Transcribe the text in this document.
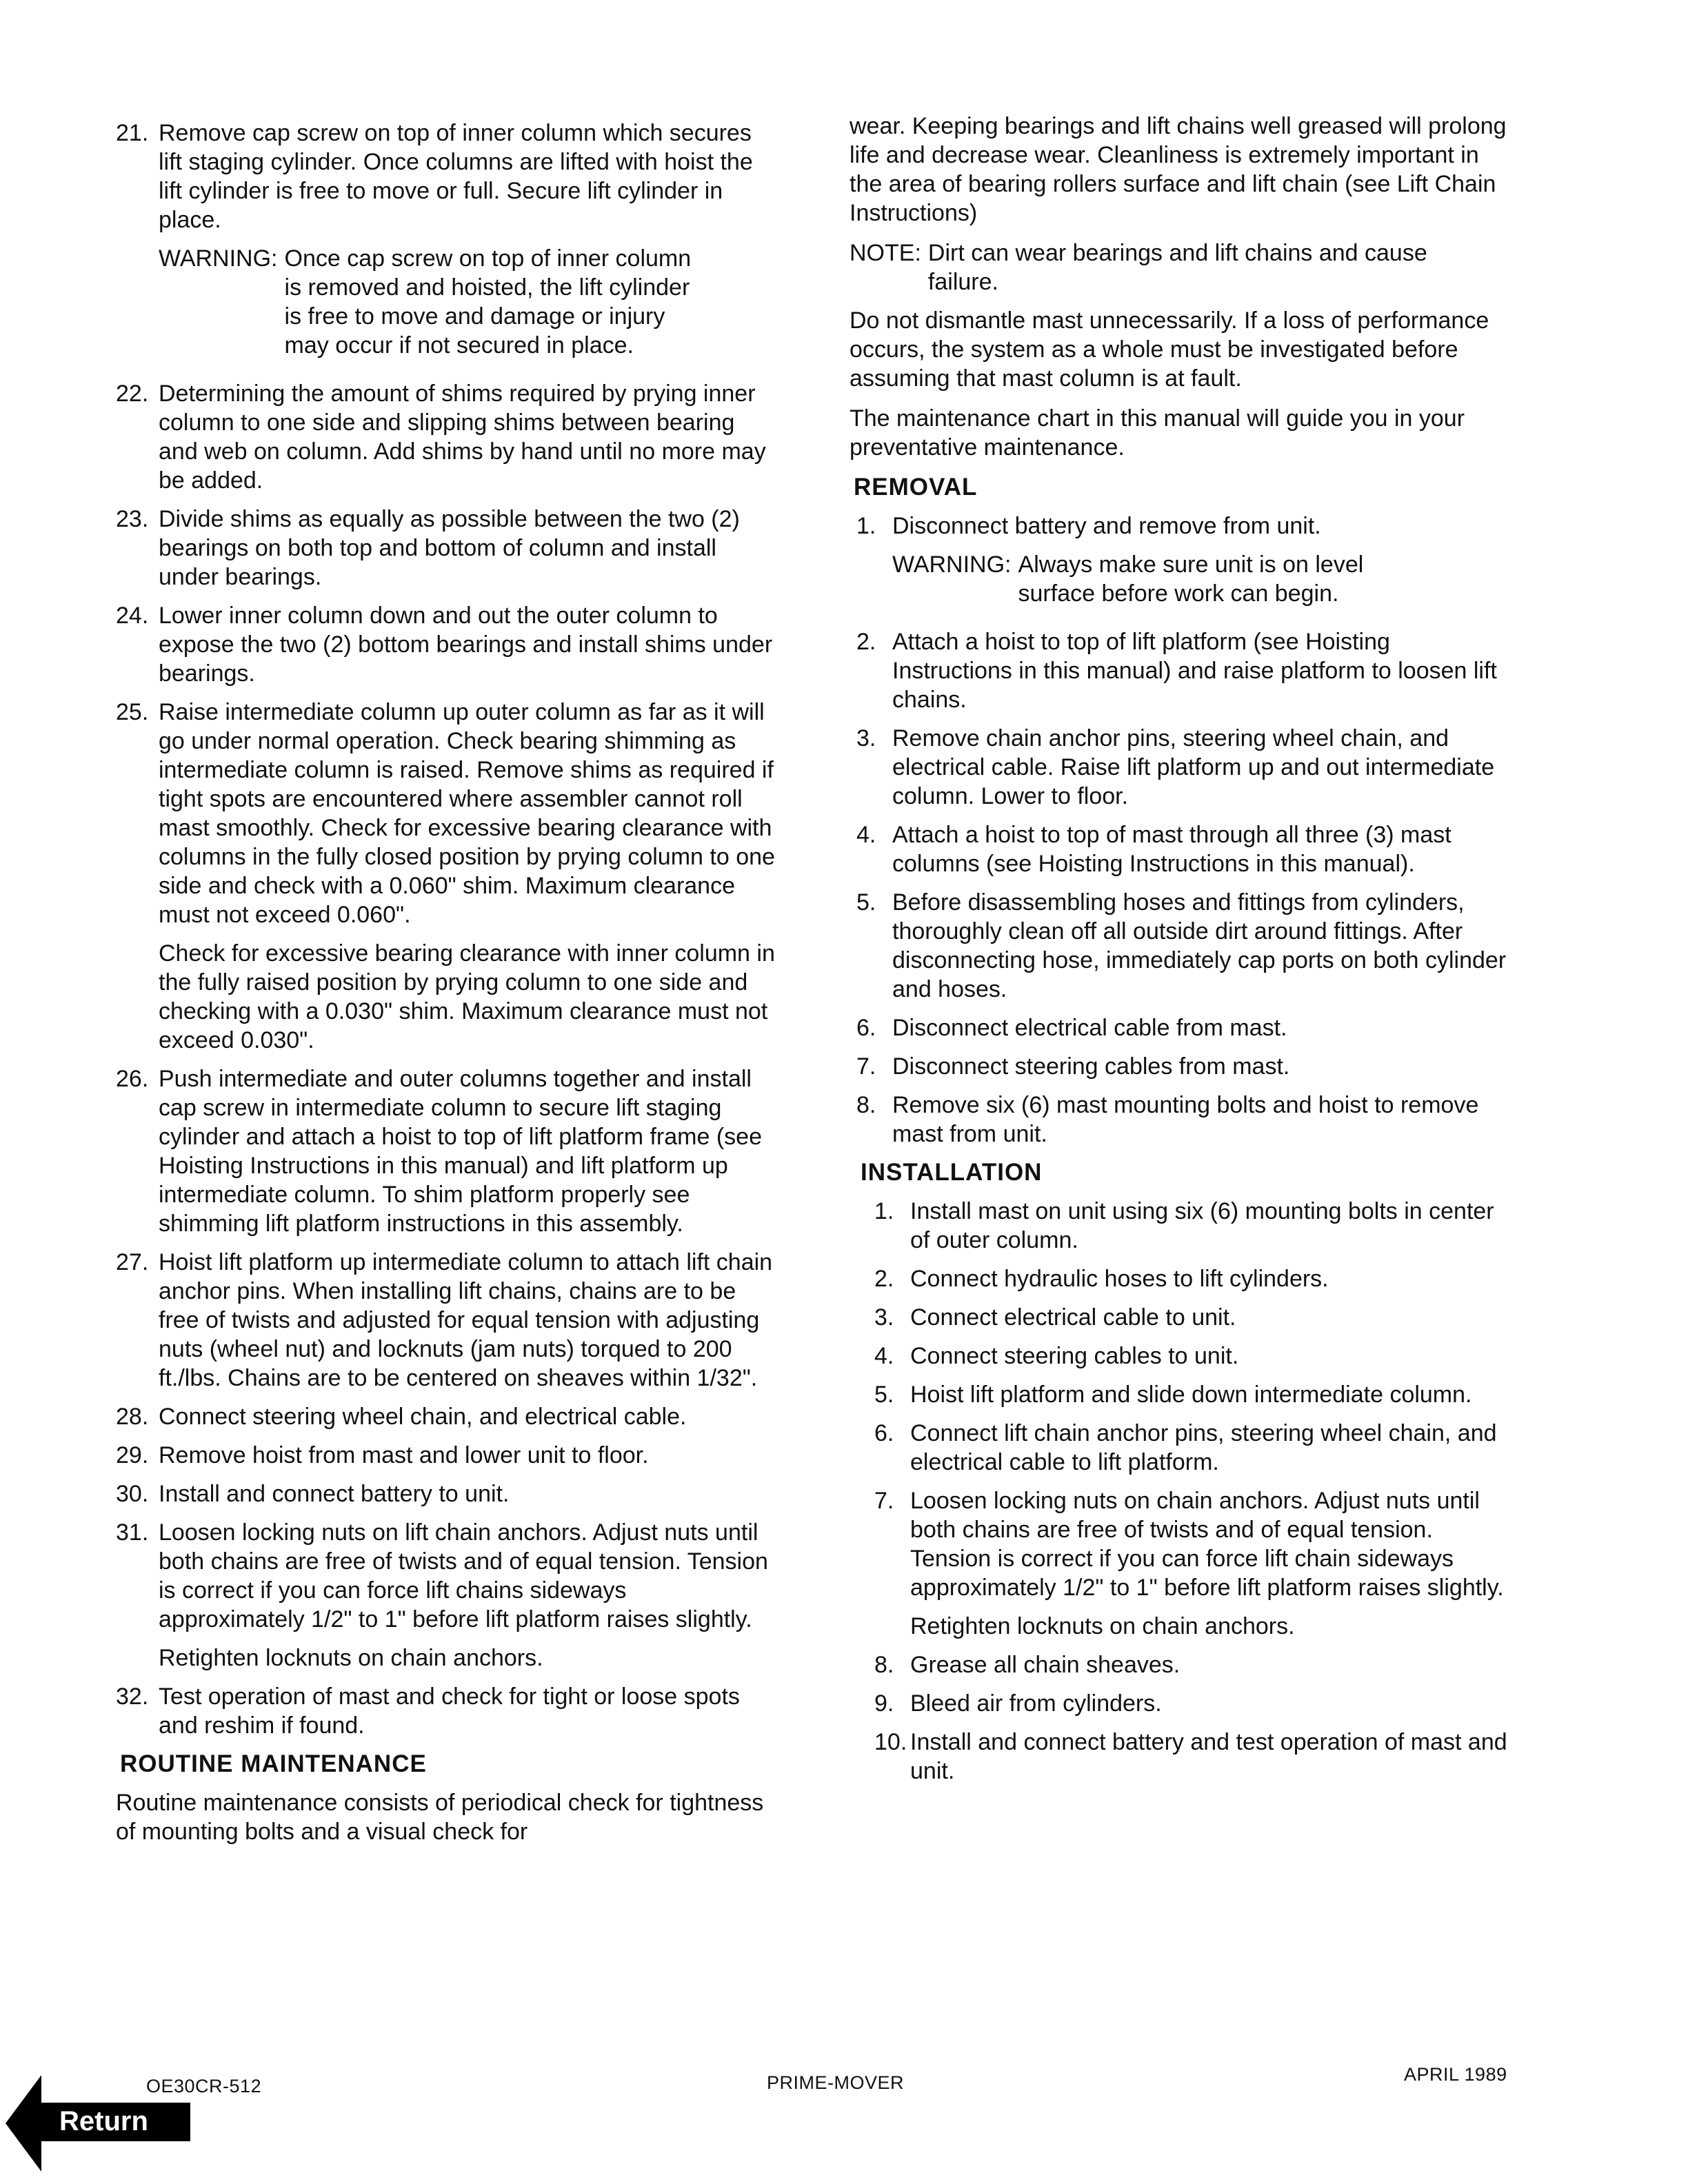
21. Remove cap screw on top of inner column which secures lift staging cylinder. Once columns are lifted with hoist the lift cylinder is free to move or full. Secure lift cylinder in place.

WARNING: Once cap screw on top of inner column is removed and hoisted, the lift cylinder is free to move and damage or injury may occur if not secured in place.
22. Determining the amount of shims required by prying inner column to one side and slipping shims between bearing and web on column. Add shims by hand until no more may be added.

23. Divide shims as equally as possible between the two (2) bearings on both top and bottom of column and install under bearings.

24. Lower inner column down and out the outer column to expose the two (2) bottom bearings and install shims under bearings.

25. Raise intermediate column up outer column as far as it will go under normal operation. Check bearing shimming as intermediate column is raised. Remove shims as required if tight spots are encountered where assembler cannot roll mast smoothly. Check for excessive bearing clearance with columns in the fully closed position by prying column to one side and check with a 0.060" shim. Maximum clearance must not exceed 0.060".

Check for excessive bearing clearance with inner column in the fully raised position by prying column to one side and checking with a 0.030" shim. Maximum clearance must not exceed 0.030".

26. Push intermediate and outer columns together and install cap screw in intermediate column to secure lift staging cylinder and attach a hoist to top of lift platform frame (see Hoisting Instructions in this manual) and lift platform up intermediate column. To shim platform properly see shimming lift platform instructions in this assembly.

27. Hoist lift platform up intermediate column to attach lift chain anchor pins. When installing lift chains, chains are to be free of twists and adjusted for equal tension with adjusting nuts (wheel nut) and locknuts (jam nuts) torqued to 200 ft./lbs. Chains are to be centered on sheaves within 1/32".

28. Connect steering wheel chain, and electrical cable.

29. Remove hoist from mast and lower unit to floor.

30. Install and connect battery to unit.

31. Loosen locking nuts on lift chain anchors. Adjust nuts until both chains are free of twists and of equal tension. Tension is correct if you can force lift chains sideways approximately 1/2" to 1" before lift platform raises slightly.

Retighten locknuts on chain anchors.

32. Test operation of mast and check for tight or loose spots and reshim if found.

ROUTINE MAINTENANCE

Routine maintenance consists of periodical check for tightness of mounting bolts and a visual check for

wear. Keeping bearings and lift chains well greased will prolong life and decrease wear. Cleanliness is extremely important in the area of bearing rollers surface and lift chain (see Lift Chain Instructions)

NOTE: Dirt can wear bearings and lift chains and cause failure.

Do not dismantle mast unnecessarily. If a loss of performance occurs, the system as a whole must be investigated before assuming that mast column is at fault.

The maintenance chart in this manual will guide you in your preventative maintenance.

REMOVAL
1. Disconnect battery and remove from unit.

WARNING: Always make sure unit is on level surface before work can begin.
2. Attach a hoist to top of lift platform (see Hoisting Instructions in this manual) and raise platform to loosen lift chains.

3. Remove chain anchor pins, steering wheel chain, and electrical cable. Raise lift platform up and out intermediate column. Lower to floor.

4. Attach a hoist to top of mast through all three (3) mast columns (see Hoisting Instructions in this manual).

5. Before disassembling hoses and fittings from cylinders, thoroughly clean off all outside dirt around fittings. After disconnecting hose, immediately cap ports on both cylinder and hoses.

6. Disconnect electrical cable from mast.

7. Disconnect steering cables from mast.

8. Remove six (6) mast mounting bolts and hoist to remove mast from unit.

INSTALLATION
1. Install mast on unit using six (6) mounting bolts in center of outer column.

2. Connect hydraulic hoses to lift cylinders.

3. Connect electrical cable to unit.

4. Connect steering cables to unit.

5. Hoist lift platform and slide down intermediate column.

6. Connect lift chain anchor pins, steering wheel chain, and electrical cable to lift platform.

7. Loosen locking nuts on chain anchors. Adjust nuts until both chains are free of twists and of equal tension. Tension is correct if you can force lift chain sideways approximately 1/2" to 1" before lift platform raises slightly.

Retighten locknuts on chain anchors.

8. Grease all chain sheaves.

9. Bleed air from cylinders.

10. Install and connect battery and test operation of mast and unit.

OE30CR-512	PRIME-MOVER	APRIL 1989
Return
